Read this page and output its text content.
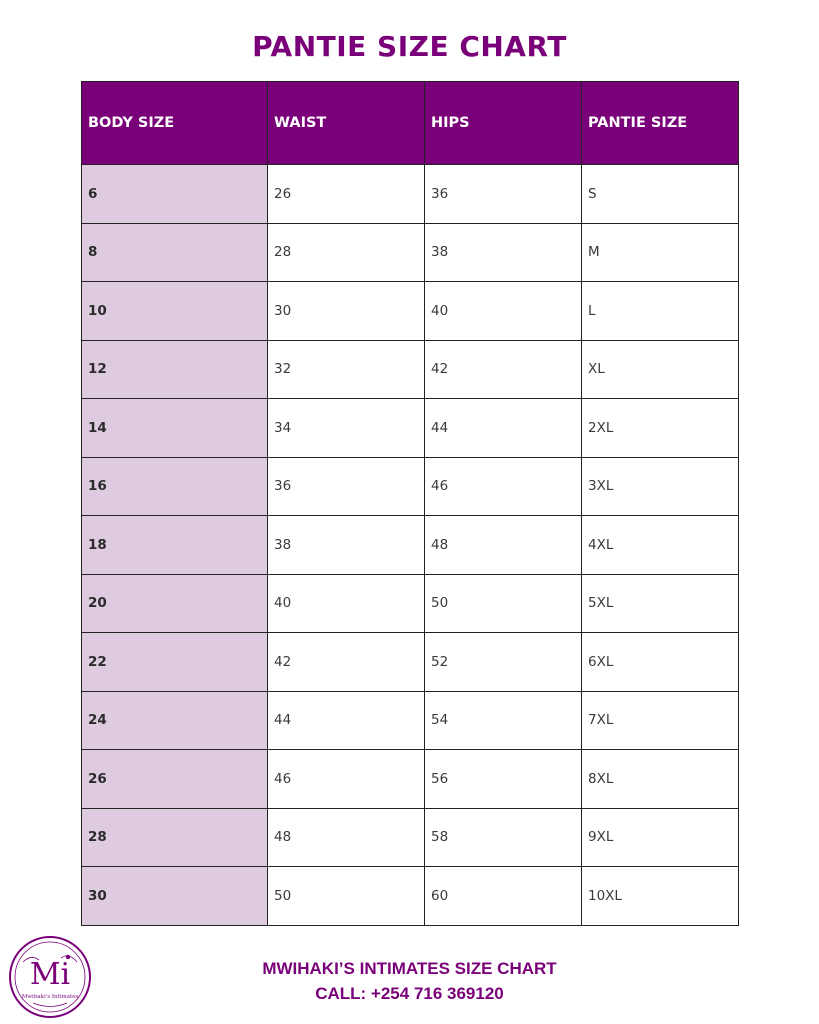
PANTIE SIZE CHART
BODY SIZE	WAIST	HIPS	PANTIE SIZE
6	26	36	S
8	28	38	M
10	30	40	L
12	32	42	XL
14	34	44	2XL
16	36	46	3XL
18	38	48	4XL
20	40	50	5XL
22	42	52	6XL
24	44	54	7XL
26	46	56	8XL
28	48	58	9XL
30	50	60	10XL
Mi
Mwihaki's Intimates
MWIHAKI’S INTIMATES SIZE CHART
CALL: +254 716 369120
